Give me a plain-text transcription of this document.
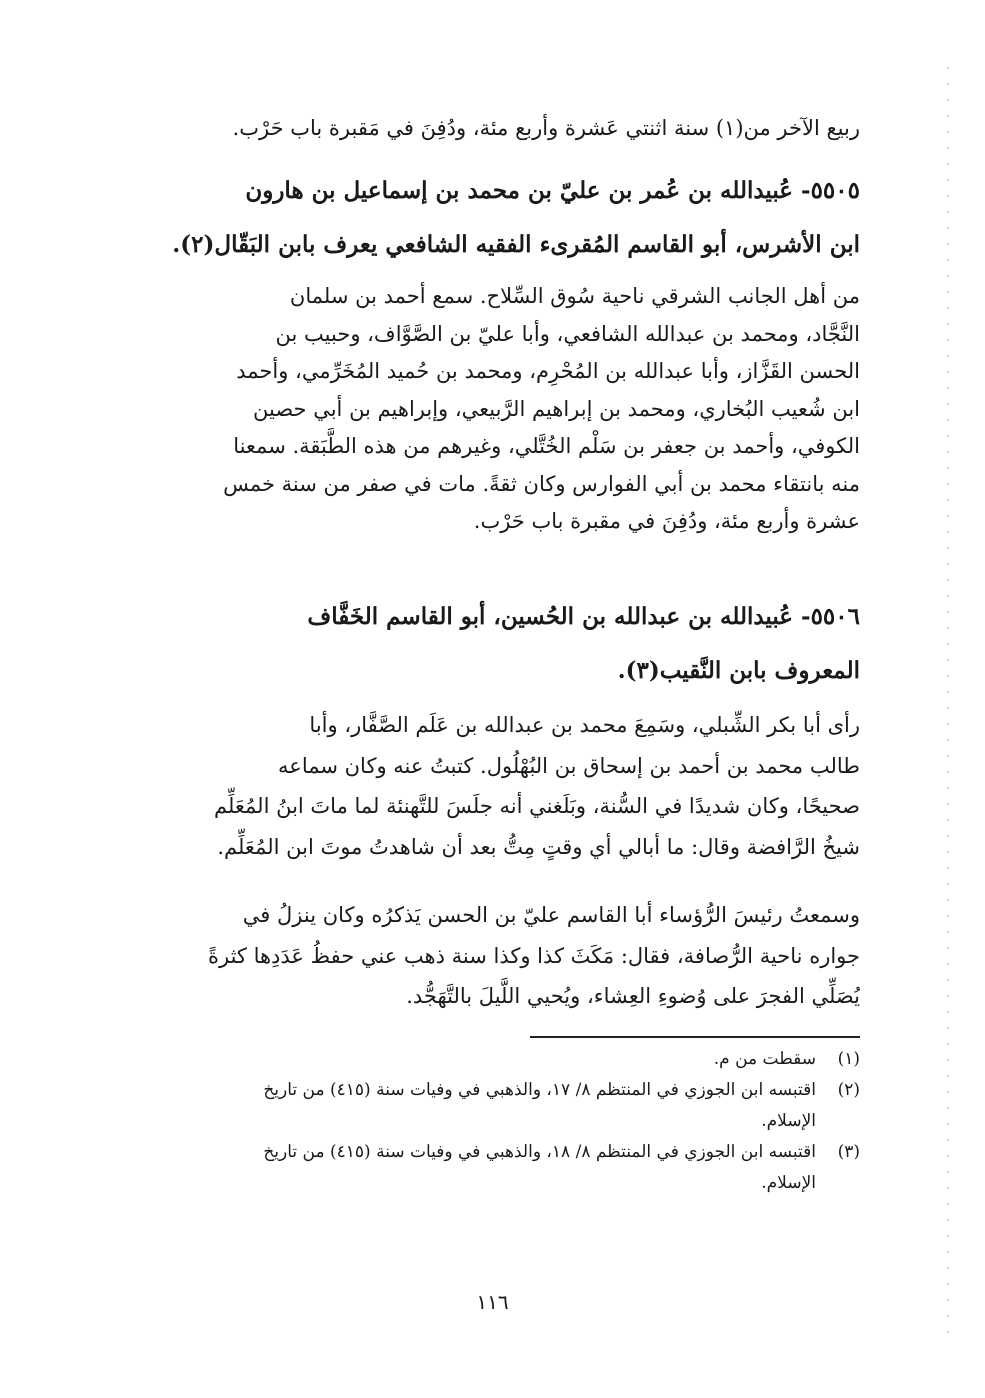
ربيع الآخر من(١) سنة اثنتي عَشرة وأربع مئة، ودُفِنَ في مَقبرة باب حَرْب.
٥٥٠٥- عُبيدالله بن عُمر بن عليّ بن محمد بن إسماعيل بن هارون
ابن الأشرس، أبو القاسم المُقرىء الفقيه الشافعي يعرف بابن البَقّال(٢).
من أهل الجانب الشرقي ناحية سُوق السِّلاح. سمع أحمد بن سلمان
النَّجَّاد، ومحمد بن عبدالله الشافعي، وأبا عليّ بن الصَّوَّاف، وحبيب بن
الحسن القَزَّاز، وأبا عبدالله بن المُحْرِم، ومحمد بن حُميد المُخَرِّمي، وأحمد
ابن شُعيب البُخاري، ومحمد بن إبراهيم الرَّبيعي، وإبراهيم بن أبي حصين
الكوفي، وأحمد بن جعفر بن سَلْم الخُتَّلي، وغيرهم من هذه الطَّبَقة. سمعنا
منه بانتقاء محمد بن أبي الفوارس وكان ثقةً. مات في صفر من سنة خمس
عشرة وأربع مئة، ودُفِنَ في مقبرة باب حَرْب.
٥٥٠٦- عُبيدالله بن عبدالله بن الحُسين، أبو القاسم الخَفَّاف
المعروف بابن النَّقيب(٣).
رأى أبا بكر الشِّبلي، وسَمِعَ محمد بن عبدالله بن عَلَم الصَّفَّار، وأبا
طالب محمد بن أحمد بن إسحاق بن البُهْلُول. كتبتُ عنه وكان سماعه
صحيحًا، وكان شديدًا في السُّنة، وبَلَغني أنه جلَسَ للتَّهنئة لما ماتَ ابنُ المُعَلِّم
شيخُ الرَّافضة وقال: ما أبالي أي وقتٍ مِتُّ بعد أن شاهدتُ موتَ ابن المُعَلِّم.
وسمعتُ رئيسَ الرُّؤساء أبا القاسم عليّ بن الحسن يَذكرُه وكان ينزلُ في
جواره ناحية الرُّصافة، فقال: مَكَثَ كذا وكذا سنة ذهب عني حفظُ عَدَدِها كثرةً
يُصَلِّي الفجرَ على وُضوءِ العِشاء، ويُحيي اللَّيلَ بالتَّهَجُّد.
(١)
سقطت من م.
(٢)
اقتبسه ابن الجوزي في المنتظم ٨/ ١٧، والذهبي في وفيات سنة (٤١٥) من تاريخ
الإسلام.
(٣)
اقتبسه ابن الجوزي في المنتظم ٨/ ١٨، والذهبي في وفيات سنة (٤١٥) من تاريخ
الإسلام.
١١٦
